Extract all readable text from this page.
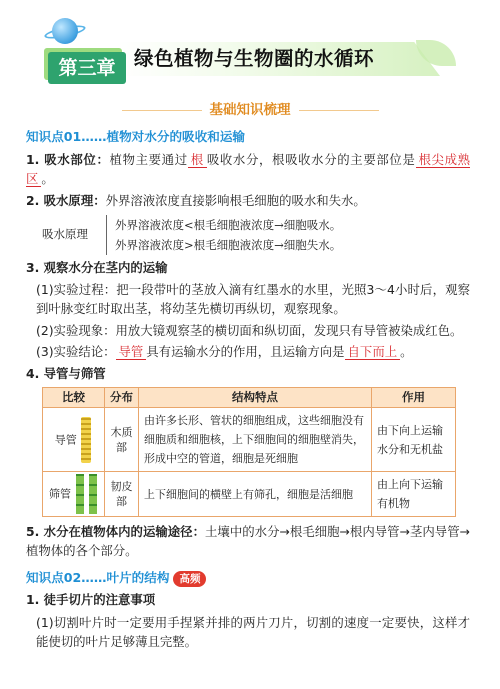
第三章 绿色植物与生物圈的水循环
基础知识梳理
知识点01……植物对水分的吸收和运输
1. 吸水部位：植物主要通过 根 吸收水分，根吸收水分的主要部位是 根尖成熟区 。
2. 吸水原理：外界溶液浓度直接影响根毛细胞的吸水和失水。
吸水原理
外界溶液浓度<根毛细胞液浓度→细胞吸水。
外界溶液浓度>根毛细胞液浓度→细胞失水。
3. 观察水分在茎内的运输
(1)实验过程：把一段带叶的茎放入滴有红墨水的水里，光照3～4小时后，观察到叶脉变红时取出茎，将幼茎先横切再纵切，观察现象。
(2)实验现象：用放大镜观察茎的横切面和纵切面，发现只有导管被染成红色。
(3)实验结论： 导管 具有运输水分的作用，且运输方向是 自下而上 。
4. 导管与筛管
比较	分布	结构特点	作用
导管	木质部	由许多长形、管状的细胞组成，这些细胞没有细胞质和细胞核，上下细胞间的细胞壁消失，形成中空的管道，细胞是死细胞	由下向上运输水分和无机盐
筛管	韧皮部	上下细胞间的横壁上有筛孔，细胞是活细胞	由上向下运输有机物
5. 水分在植物体内的运输途径：土壤中的水分→根毛细胞→根内导管→茎内导管→植物体的各个部分。
知识点02……叶片的结构 高频
1. 徒手切片的注意事项
(1)切割叶片时一定要用手捏紧并排的两片刀片，切割的速度一定要快，这样才能使切的叶片足够薄且完整。
